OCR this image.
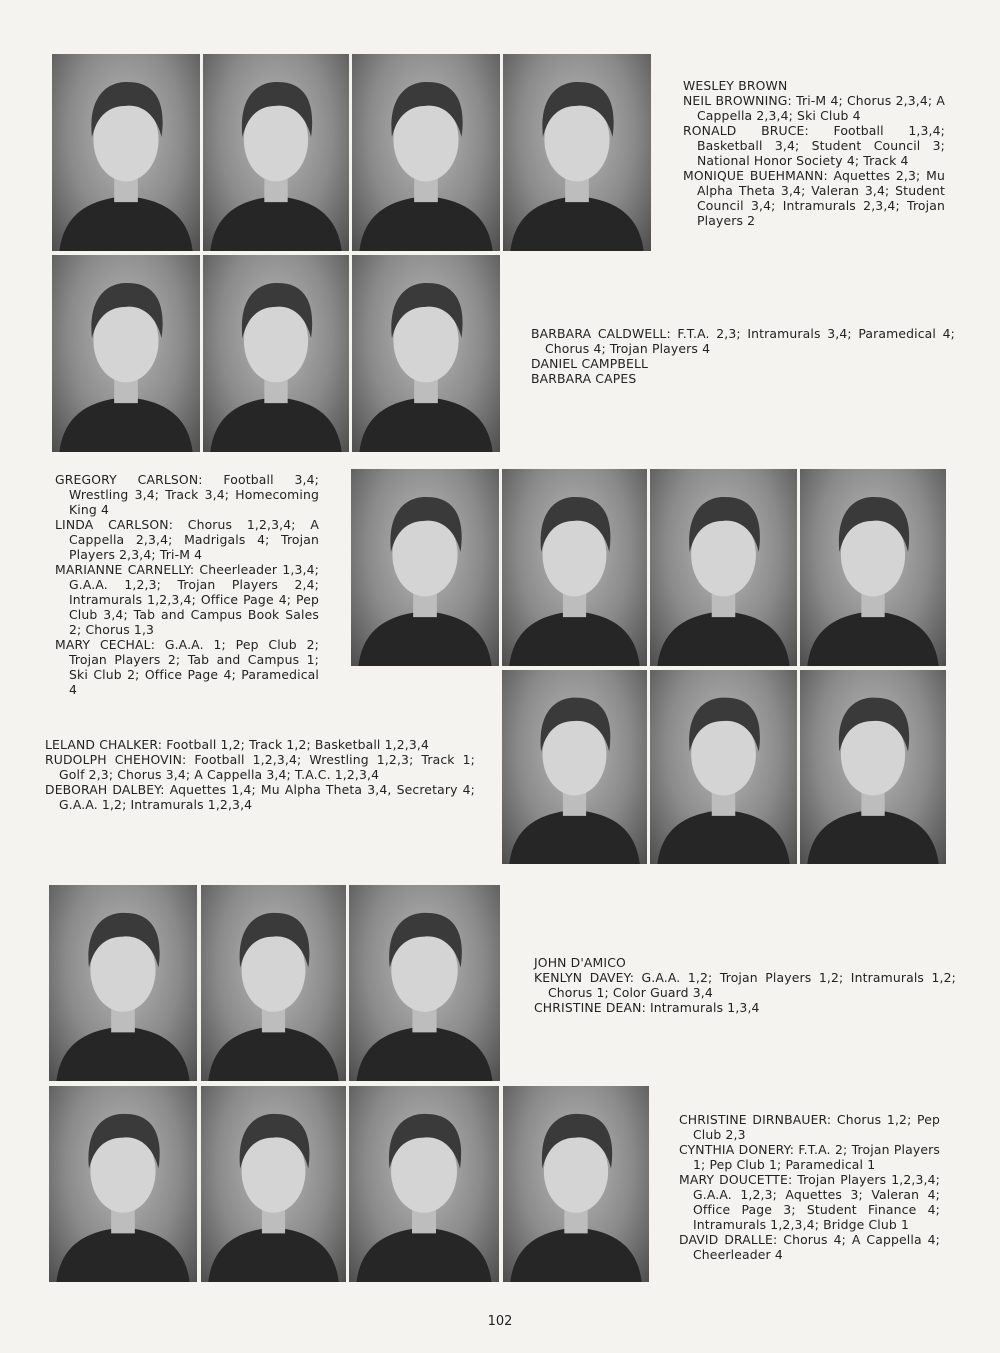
WESLEY BROWN

NEIL BROWNING: Tri-M 4; Chorus 2,3,4; A Cappella 2,3,4; Ski Club 4

RONALD BRUCE: Football 1,3,4; Basketball 3,4; Student Council 3; National Honor Society 4; Track 4

MONIQUE BUEHMANN: Aquettes 2,3; Mu Alpha Theta 3,4; Valeran 3,4; Student Council 3,4; Intramurals 2,3,4; Trojan Players 2

BARBARA CALDWELL: F.T.A. 2,3; Intramurals 3,4; Paramedical 4; Chorus 4; Trojan Players 4

DANIEL CAMPBELL

BARBARA CAPES

GREGORY CARLSON: Football 3,4; Wrestling 3,4; Track 3,4; Homecoming King 4

LINDA CARLSON: Chorus 1,2,3,4; A Cappella 2,3,4; Madrigals 4; Trojan Players 2,3,4; Tri-M 4

MARIANNE CARNELLY: Cheerleader 1,3,4; G.A.A. 1,2,3; Trojan Players 2,4; Intramurals 1,2,3,4; Office Page 4; Pep Club 3,4; Tab and Campus Book Sales 2; Chorus 1,3

MARY CECHAL: G.A.A. 1; Pep Club 2; Trojan Players 2; Tab and Campus 1; Ski Club 2; Office Page 4; Paramedical 4

LELAND CHALKER: Football 1,2; Track 1,2; Basketball 1,2,3,4

RUDOLPH CHEHOVIN: Football 1,2,3,4; Wrestling 1,2,3; Track 1; Golf 2,3; Chorus 3,4; A Cappella 3,4; T.A.C. 1,2,3,4

DEBORAH DALBEY: Aquettes 1,4; Mu Alpha Theta 3,4, Secretary 4; G.A.A. 1,2; Intramurals 1,2,3,4

JOHN D'AMICO

KENLYN DAVEY: G.A.A. 1,2; Trojan Players 1,2; Intramurals 1,2; Chorus 1; Color Guard 3,4

CHRISTINE DEAN: Intramurals 1,3,4

CHRISTINE DIRNBAUER: Chorus 1,2; Pep Club 2,3

CYNTHIA DONERY: F.T.A. 2; Trojan Players 1; Pep Club 1; Paramedical 1

MARY DOUCETTE: Trojan Players 1,2,3,4; G.A.A. 1,2,3; Aquettes 3; Valeran 4; Office Page 3; Student Finance 4; Intramurals 1,2,3,4; Bridge Club 1

DAVID DRALLE: Chorus 4; A Cappella 4; Cheerleader 4

102
